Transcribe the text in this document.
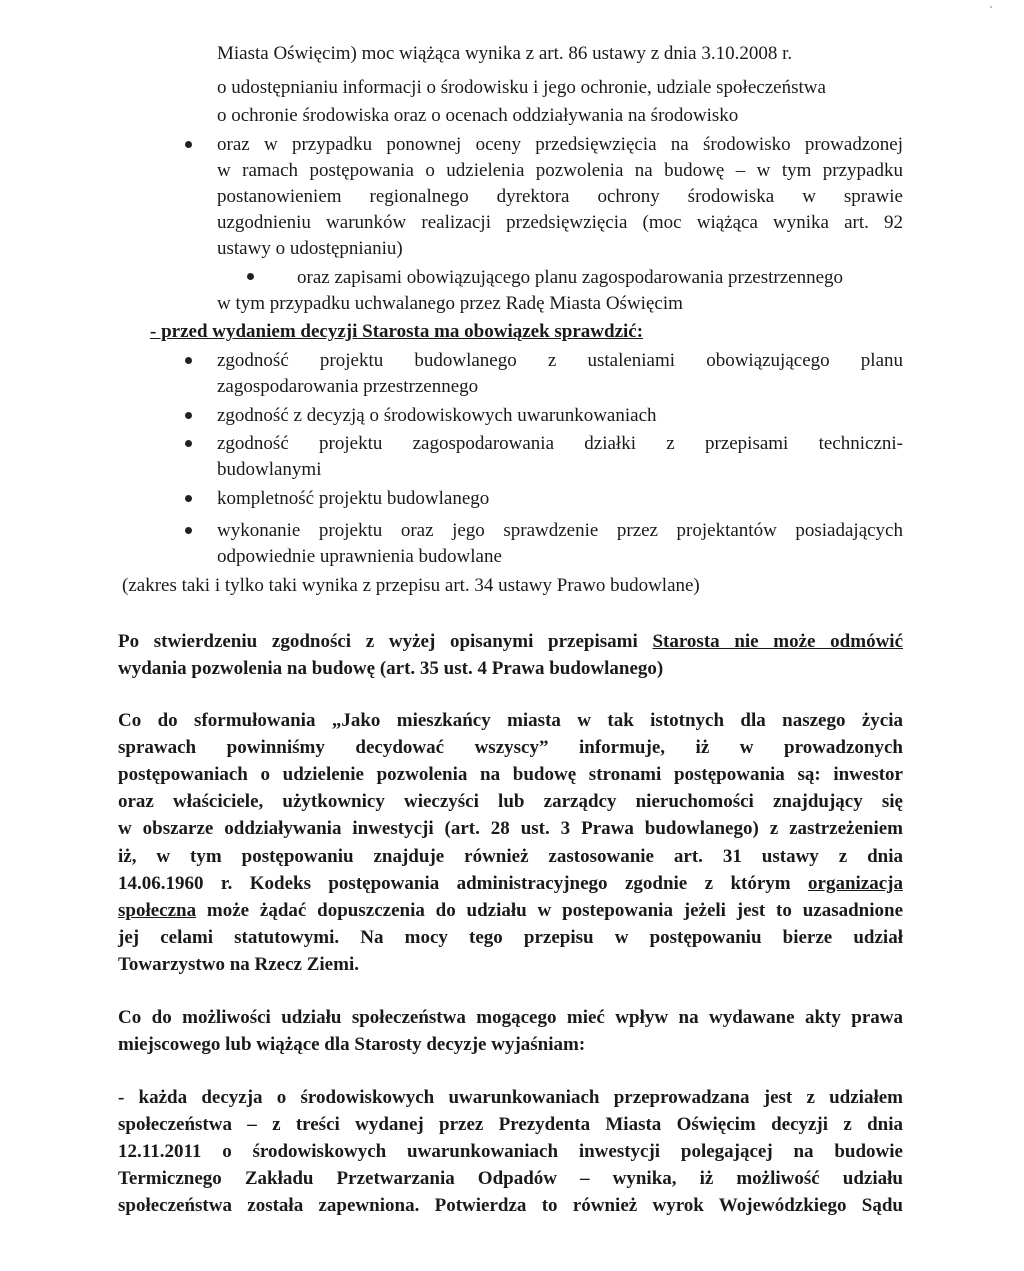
Miasta Oświęcim) moc wiążąca wynika z art. 86 ustawy z dnia 3.10.2008 r.
o udostępnianiu informacji o środowisku i jego ochronie, udziale społeczeństwa
o ochronie środowiska oraz o ocenach oddziaływania na środowisko
oraz w przypadku ponownej oceny przedsięwzięcia na środowisko prowadzonej
w ramach postępowania o udzielenia pozwolenia na budowę – w tym przypadku
postanowieniem regionalnego dyrektora ochrony środowiska w sprawie
uzgodnieniu warunków realizacji przedsięwzięcia (moc wiążąca wynika art. 92
ustawy o udostępnianiu)
oraz zapisami obowiązującego planu zagospodarowania przestrzennego
w tym przypadku uchwalanego przez Radę Miasta Oświęcim
- przed wydaniem decyzji Starosta ma obowiązek sprawdzić:
zgodność projektu budowlanego z ustaleniami obowiązującego planu
zagospodarowania przestrzennego
zgodność z decyzją o środowiskowych uwarunkowaniach
zgodność projektu zagospodarowania działki z przepisami techniczni-
budowlanymi
kompletność projektu budowlanego
wykonanie projektu oraz jego sprawdzenie przez projektantów posiadających
odpowiednie uprawnienia budowlane
(zakres taki i tylko taki wynika z przepisu art. 34 ustawy Prawo budowlane)
Po stwierdzeniu zgodności z wyżej opisanymi przepisami Starosta nie może odmówić
wydania pozwolenia na budowę (art. 35 ust. 4 Prawa budowlanego)
Co do sformułowania „Jako mieszkańcy miasta w tak istotnych dla naszego życia
sprawach powinniśmy decydować wszyscy” informuje, iż w prowadzonych
postępowaniach o udzielenie pozwolenia na budowę stronami postępowania są: inwestor
oraz właściciele, użytkownicy wieczyści lub zarządcy nieruchomości znajdujący się
w obszarze oddziaływania inwestycji (art. 28 ust. 3 Prawa budowlanego) z zastrzeżeniem
iż, w tym postępowaniu znajduje również zastosowanie art. 31 ustawy z dnia
14.06.1960 r. Kodeks postępowania administracyjnego zgodnie z którym organizacja
społeczna może żądać dopuszczenia do udziału w postepowania jeżeli jest to uzasadnione
jej celami statutowymi. Na mocy tego przepisu w postępowaniu bierze udział
Towarzystwo na Rzecz Ziemi.
Co do możliwości udziału społeczeństwa mogącego mieć wpływ na wydawane akty prawa
miejscowego lub wiążące dla Starosty decyzje wyjaśniam:
- każda decyzja o środowiskowych uwarunkowaniach przeprowadzana jest z udziałem
społeczeństwa – z treści wydanej przez Prezydenta Miasta Oświęcim decyzji z dnia
12.11.2011 o środowiskowych uwarunkowaniach inwestycji polegającej na budowie
Termicznego Zakładu Przetwarzania Odpadów – wynika, iż możliwość udziału
społeczeństwa została zapewniona. Potwierdza to również wyrok Wojewódzkiego Sądu
